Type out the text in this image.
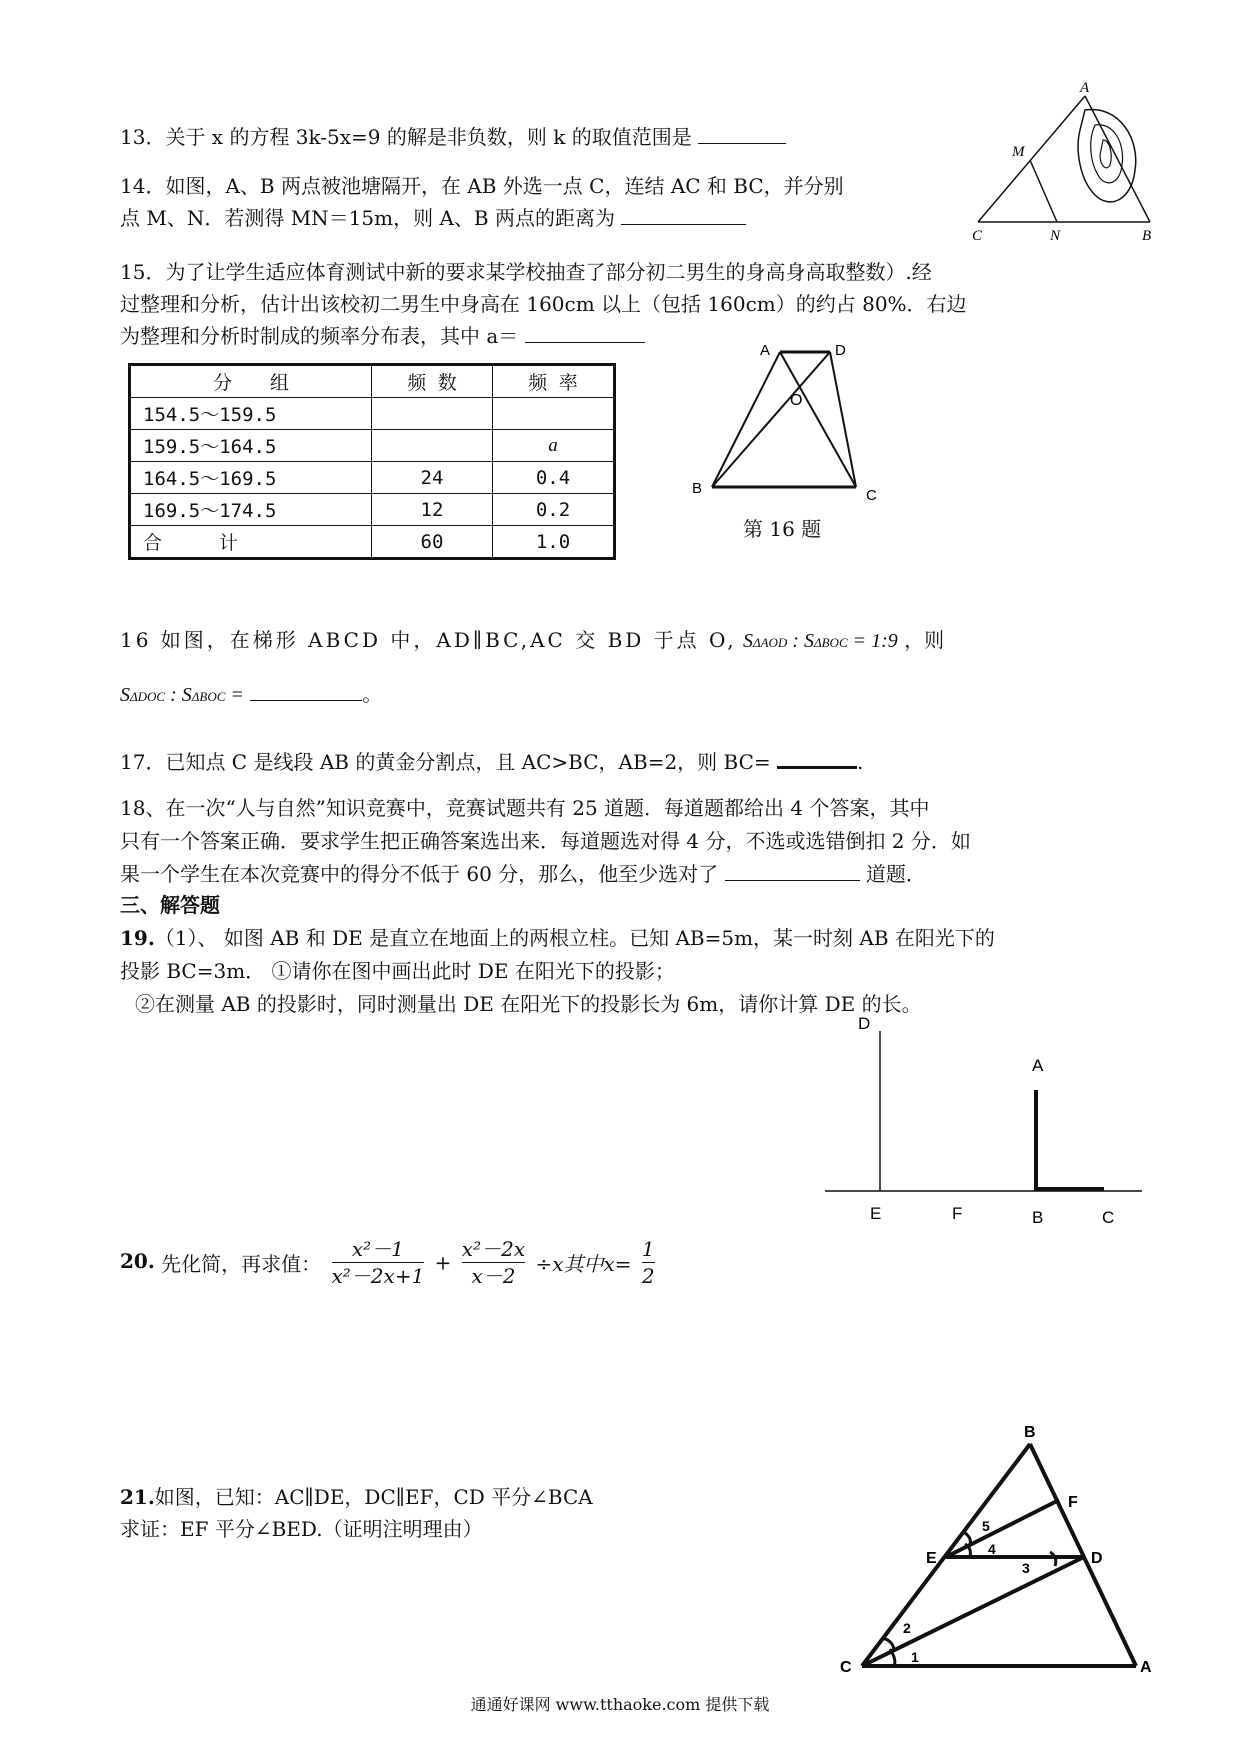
13．关于 x 的方程 3k-5x=9 的解是非负数，则 k 的取值范围是
14．如图，A、B 两点被池塘隔开，在 AB 外选一点 C，连结 AC 和 BC，并分别
点 M、N．若测得 MN＝15m，则 A、B 两点的距离为
A
M
C	N	B
15．为了让学生适应体育测试中新的要求某学校抽查了部分初二男生的身高身高取整数）.经
过整理和分析，估计出该校初二男生中身高在 160cm 以上（包括 160cm）的约占 80%．右边
为整理和分析时制成的频率分布表，其中 a＝
分　　组	频 数	频 率
154.5～159.5		
159.5～164.5		a
164.5～169.5	24	0.4
169.5～174.5	12	0.2
合　　　计	60	1.0
A	D
O
B	C
第 16 题
16 如图，在梯形 ABCD 中，AD∥BC,AC 交 BD 于点 O, SΔAOD : SΔBOC = 1:9 ，则
SΔDOC : SΔBOC =	。
17．已知点 C 是线段 AB 的黄金分割点，且 AC>BC，AB=2，则 BC=	.
18、在一次“人与自然”知识竞赛中，竞赛试题共有 25 道题．每道题都给出 4 个答案，其中
只有一个答案正确．要求学生把正确答案选出来．每道题选对得 4 分，不选或选错倒扣 2 分．如
果一个学生在本次竞赛中的得分不低于 60 分，那么，他至少选对了	道题．
三、解答题
19.（1）、 如图 AB 和 DE 是直立在地面上的两根立柱。已知 AB=5m，某一时刻 AB 在阳光下的
投影 BC=3m． ①请你在图中画出此时 DE 在阳光下的投影；
②在测量 AB 的投影时，同时测量出 DE 在阳光下的投影长为 6m，请你计算 DE 的长。
D
A
E	F	B	C
20. 先化简，再求值： $\frac{\text{x²－1}}{\text{x²－2x+1}} + \frac{\text{x²－2x}}{x-2} \div x$其中$x= \frac{1}{2}$
21.如图，已知：AC∥DE，DC∥EF，CD 平分∠BCA
求证：EF 平分∠BED.（证明注明理由）
B
F
E	D
C	A
5
4
3
2
1
通通好课网 www.tthaoke.com 提供下载
